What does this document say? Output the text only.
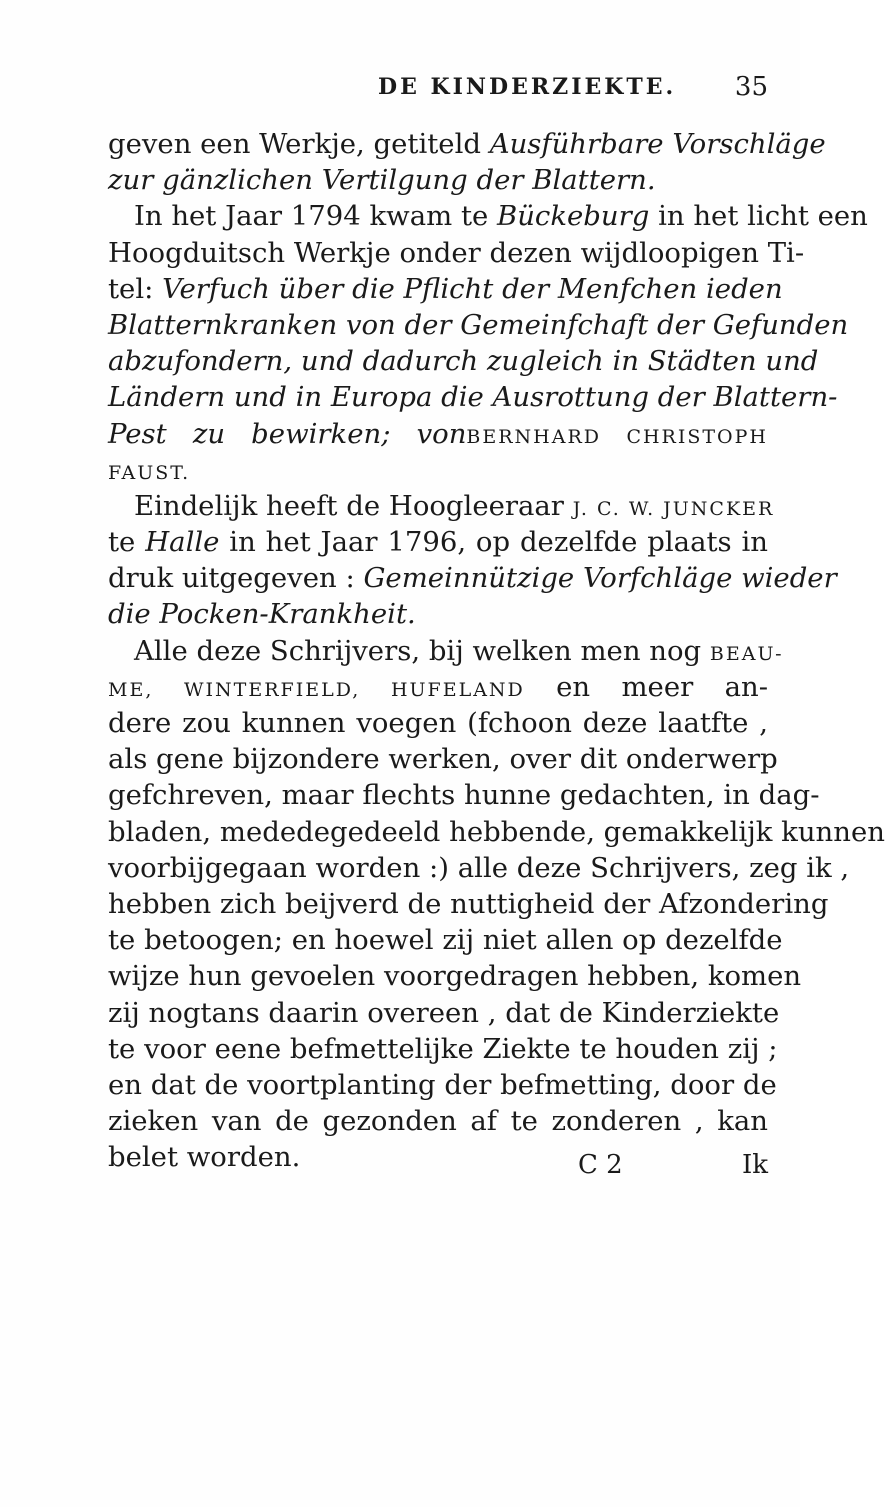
DE KINDERZIEKTE. 35
geven een Werkje, getiteld Ausführbare Vorschläge
zur gänzlichen Vertilgung der Blattern.
In het Jaar 1794 kwam te Bückeburg in het licht een
Hoogduitsch Werkje onder dezen wijdloopigen Ti-
tel: Verfuch über die Pflicht der Menfchen ieden
Blatternkranken von der Gemeinfchaft der Gefunden
abzufondern, und dadurch zugleich in Städten und
Ländern und in Europa die Ausrottung der Blattern-
Pest zu bewirken; vonBERNHARD CHRISTOPH
FAUST.
Eindelijk heeft de Hoogleeraar J. C. W. JUNCKER
te Halle in het Jaar 1796, op dezelfde plaats in
druk uitgegeven : Gemeinnützige Vorfchläge wieder
die Pocken-Krankheit.
Alle deze Schrijvers, bij welken men nog BEAU-
ME, WINTERFIELD, HUFELAND en meer an-
dere zou kunnen voegen (fchoon deze laatfte ,
als gene bijzondere werken, over dit onderwerp
gefchreven, maar flechts hunne gedachten, in dag-
bladen, mededegedeeld hebbende, gemakkelijk kunnen
voorbijgegaan worden :) alle deze Schrijvers, zeg ik ,
hebben zich beijverd de nuttigheid der Afzondering
te betoogen; en hoewel zij niet allen op dezelfde
wijze hun gevoelen voorgedragen hebben, komen
zij nogtans daarin overeen , dat de Kinderziekte
te voor eene befmettelijke Ziekte te houden zij ;
en dat de voortplanting der befmetting, door de
zieken van de gezonden af te zonderen , kan
belet worden.	C 2	Ik
